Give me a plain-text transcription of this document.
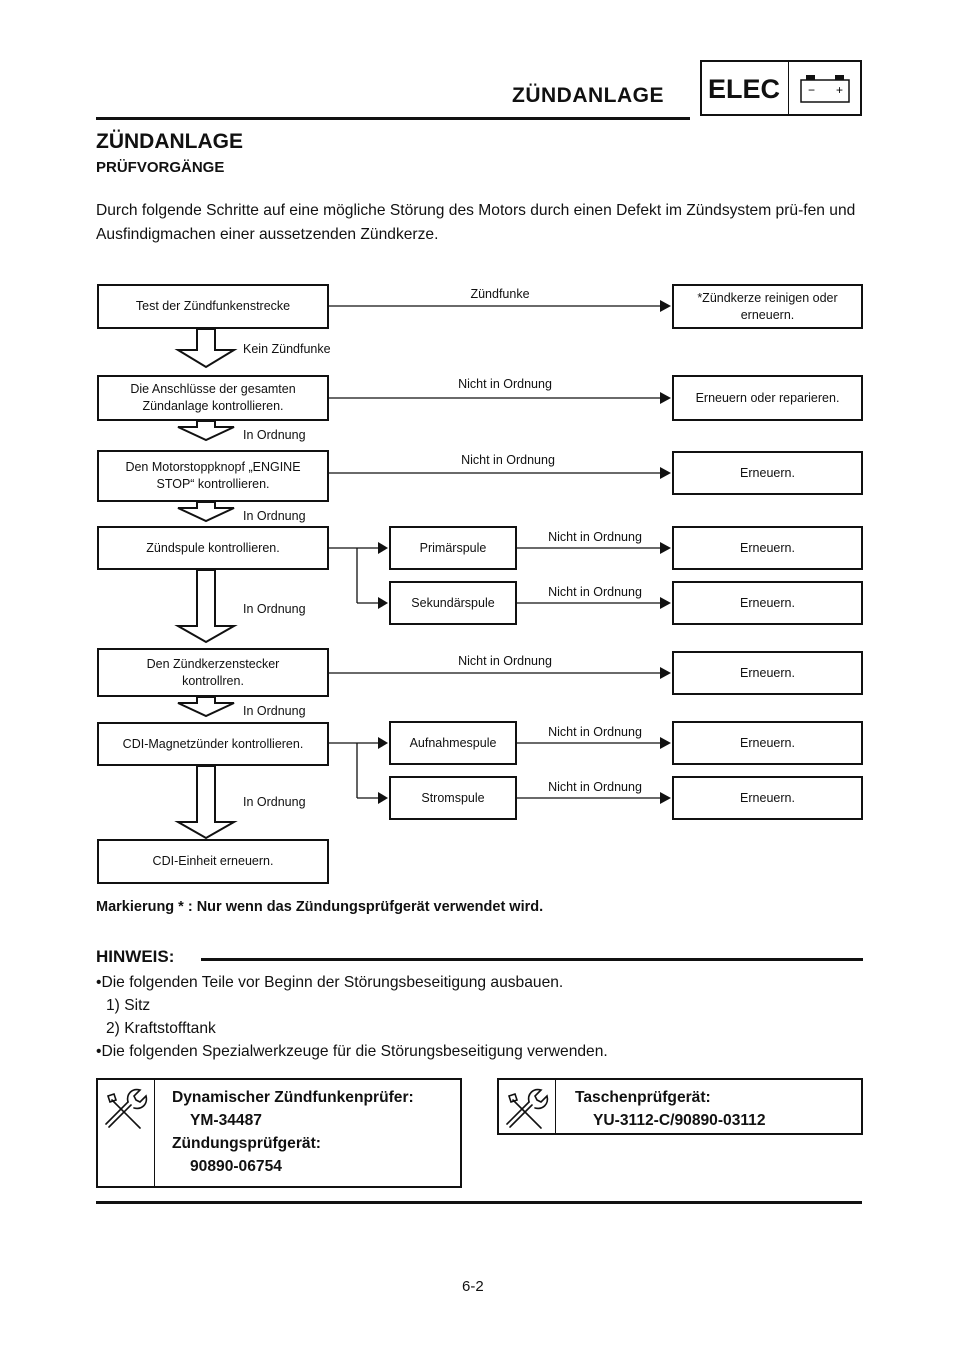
ZÜNDANLAGE ELEC − +
ZÜNDANLAGE
PRÜFVORGÄNGE
Durch folgende Schritte auf eine mögliche Störung des Motors durch einen Defekt im Zündsystem prü-fen und Ausfindigmachen einer aussetzenden Zündkerze.
Test der Zündfunkenstrecke
Die Anschlüsse der gesamten Zündanlage kontrollieren.
Den Motorstoppknopf „ENGINE STOP“ kontrollieren.
Zündspule kontrollieren.
Den Zündkerzenstecker kontrollren.
CDI-Magnetzünder kontrollieren.
CDI-Einheit erneuern.
Primärspule
Sekundärspule
Aufnahmespule
Stromspule
*Zündkerze reinigen oder erneuern.
Erneuern oder reparieren.
Erneuern.
Erneuern.
Erneuern.
Erneuern.
Erneuern.
Erneuern.
Zündfunke
Nicht in Ordnung
Nicht in Ordnung
Nicht in Ordnung
Nicht in Ordnung
Nicht in Ordnung
Nicht in Ordnung
Nicht in Ordnung
Kein Zündfunke
In Ordnung
In Ordnung
In Ordnung
In Ordnung
In Ordnung
Markierung * : Nur wenn das Zündungsprüfgerät verwendet wird.
HINWEIS:
•Die folgenden Teile vor Beginn der Störungsbeseitigung ausbauen.
1) Sitz
2) Kraftstofftank
•Die folgenden Spezialwerkzeuge für die Störungsbeseitigung verwenden.
Dynamischer Zündfunkenprüfer:
YM-34487
Zündungsprüfgerät:
90890-06754
Taschenprüfgerät:
YU-3112-C/90890-03112
6-2
